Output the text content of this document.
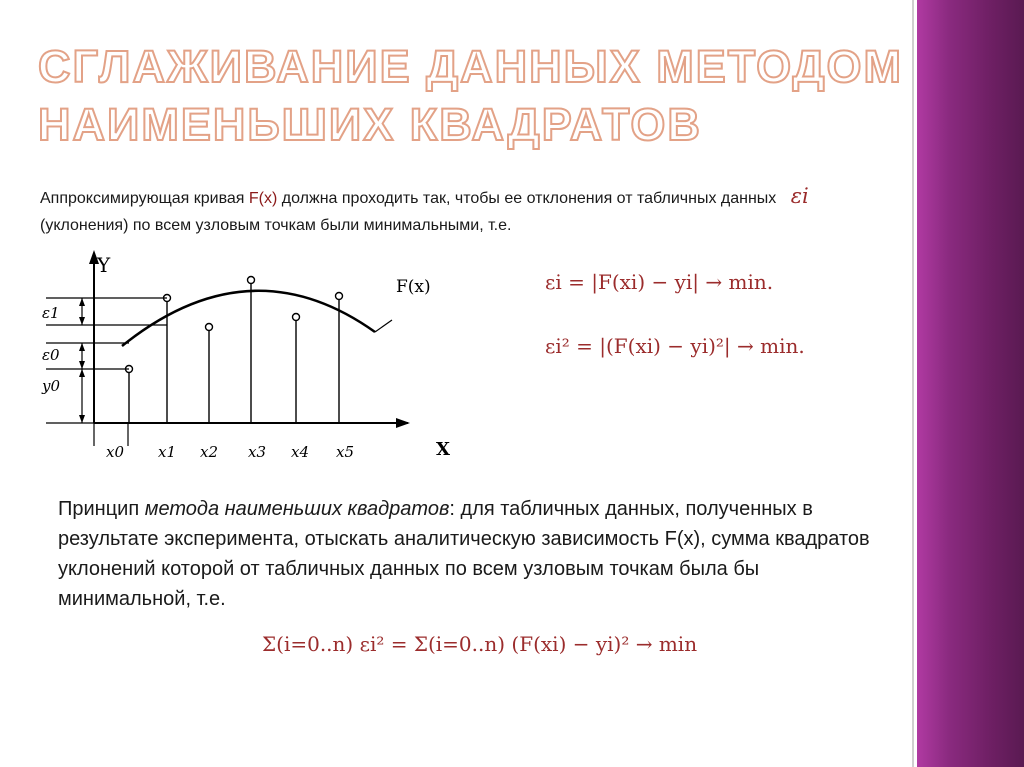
СГЛАЖИВАНИЕ ДАННЫХ МЕТОДОМ
НАИМЕНЬШИХ КВАДРАТОВ
Аппроксимирующая кривая F(x) должна проходить так, чтобы ее отклонения от табличных данных εi (уклонения) по всем узловым точкам были минимальными, т.е.
Y
X
F(x)
ε1
ε0
y0
x0 x1 x2 x3 x4 x5
εi = |F(xi) − yi| → min.
εi² = |(F(xi) − yi)²| → min.
Принцип метода наименьших квадратов: для табличных данных, полученных в результате эксперимента, отыскать аналитическую зависимость F(x), сумма квадратов уклонений которой от табличных данных по всем узловым точкам была бы минимальной, т.е.
Σ(i=0..n) εi² = Σ(i=0..n) (F(xi) − yi)² → min
